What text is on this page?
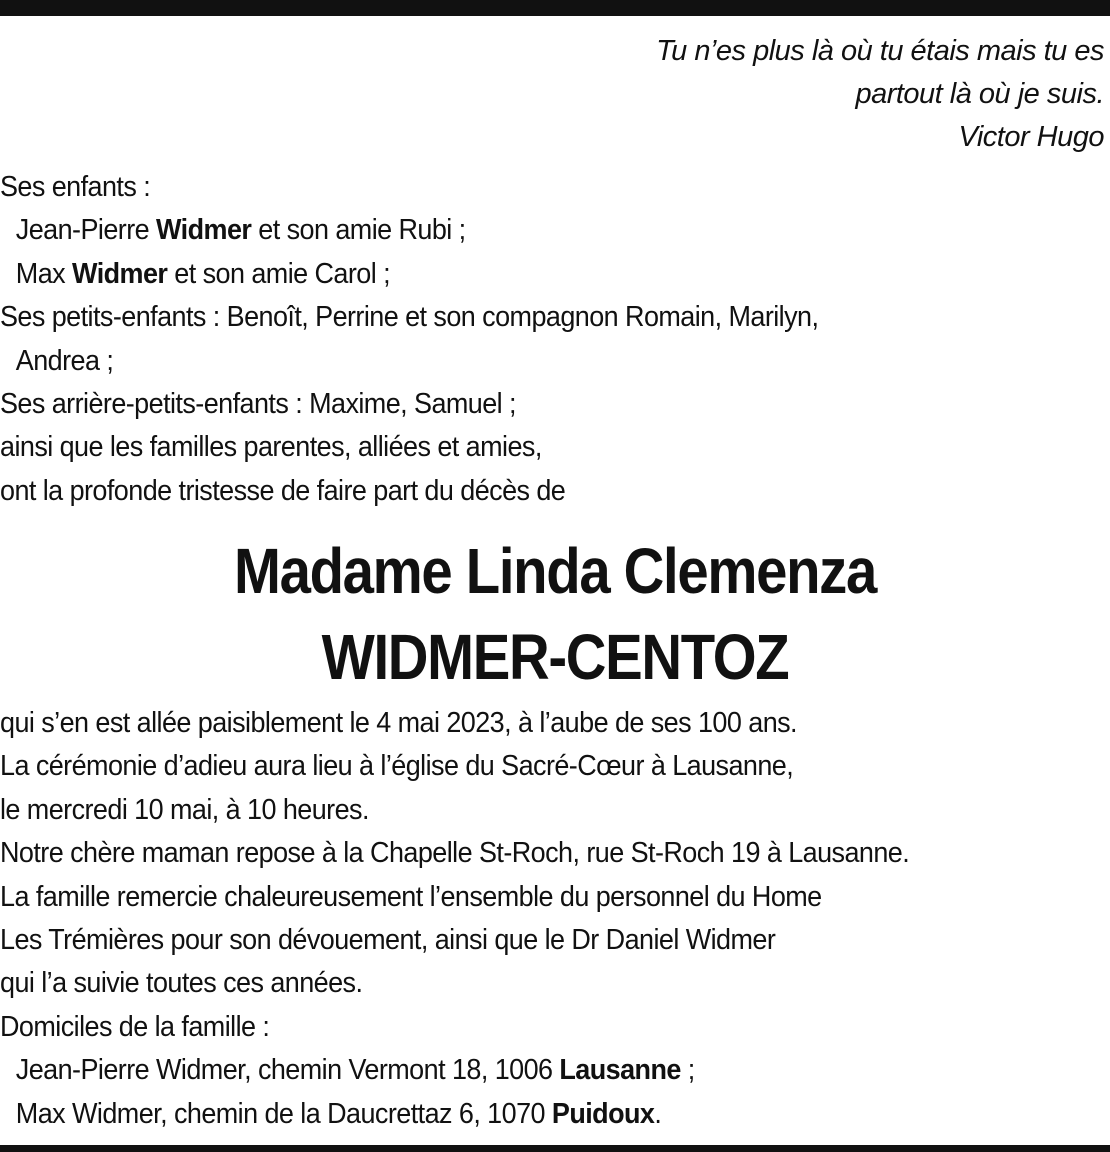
Tu n’es plus là où tu étais mais tu es
partout là où je suis.
Victor Hugo
Ses enfants :
Jean-Pierre Widmer et son amie Rubi ;
Max Widmer et son amie Carol ;
Ses petits-enfants : Benoît, Perrine et son compagnon Romain, Marilyn,
Andrea ;
Ses arrière-petits-enfants : Maxime, Samuel ;
ainsi que les familles parentes, alliées et amies,
ont la profonde tristesse de faire part du décès de
Madame Linda Clemenza
WIDMER-CENTOZ
qui s’en est allée paisiblement le 4 mai 2023, à l’aube de ses 100 ans.
La cérémonie d’adieu aura lieu à l’église du Sacré-Cœur à Lausanne,
le mercredi 10 mai, à 10 heures.
Notre chère maman repose à la Chapelle St-Roch, rue St-Roch 19 à Lausanne.
La famille remercie chaleureusement l’ensemble du personnel du Home
Les Trémières pour son dévouement, ainsi que le Dr Daniel Widmer
qui l’a suivie toutes ces années.
Domiciles de la famille :
Jean-Pierre Widmer, chemin Vermont 18, 1006 Lausanne ;
Max Widmer, chemin de la Daucrettaz 6, 1070 Puidoux.
